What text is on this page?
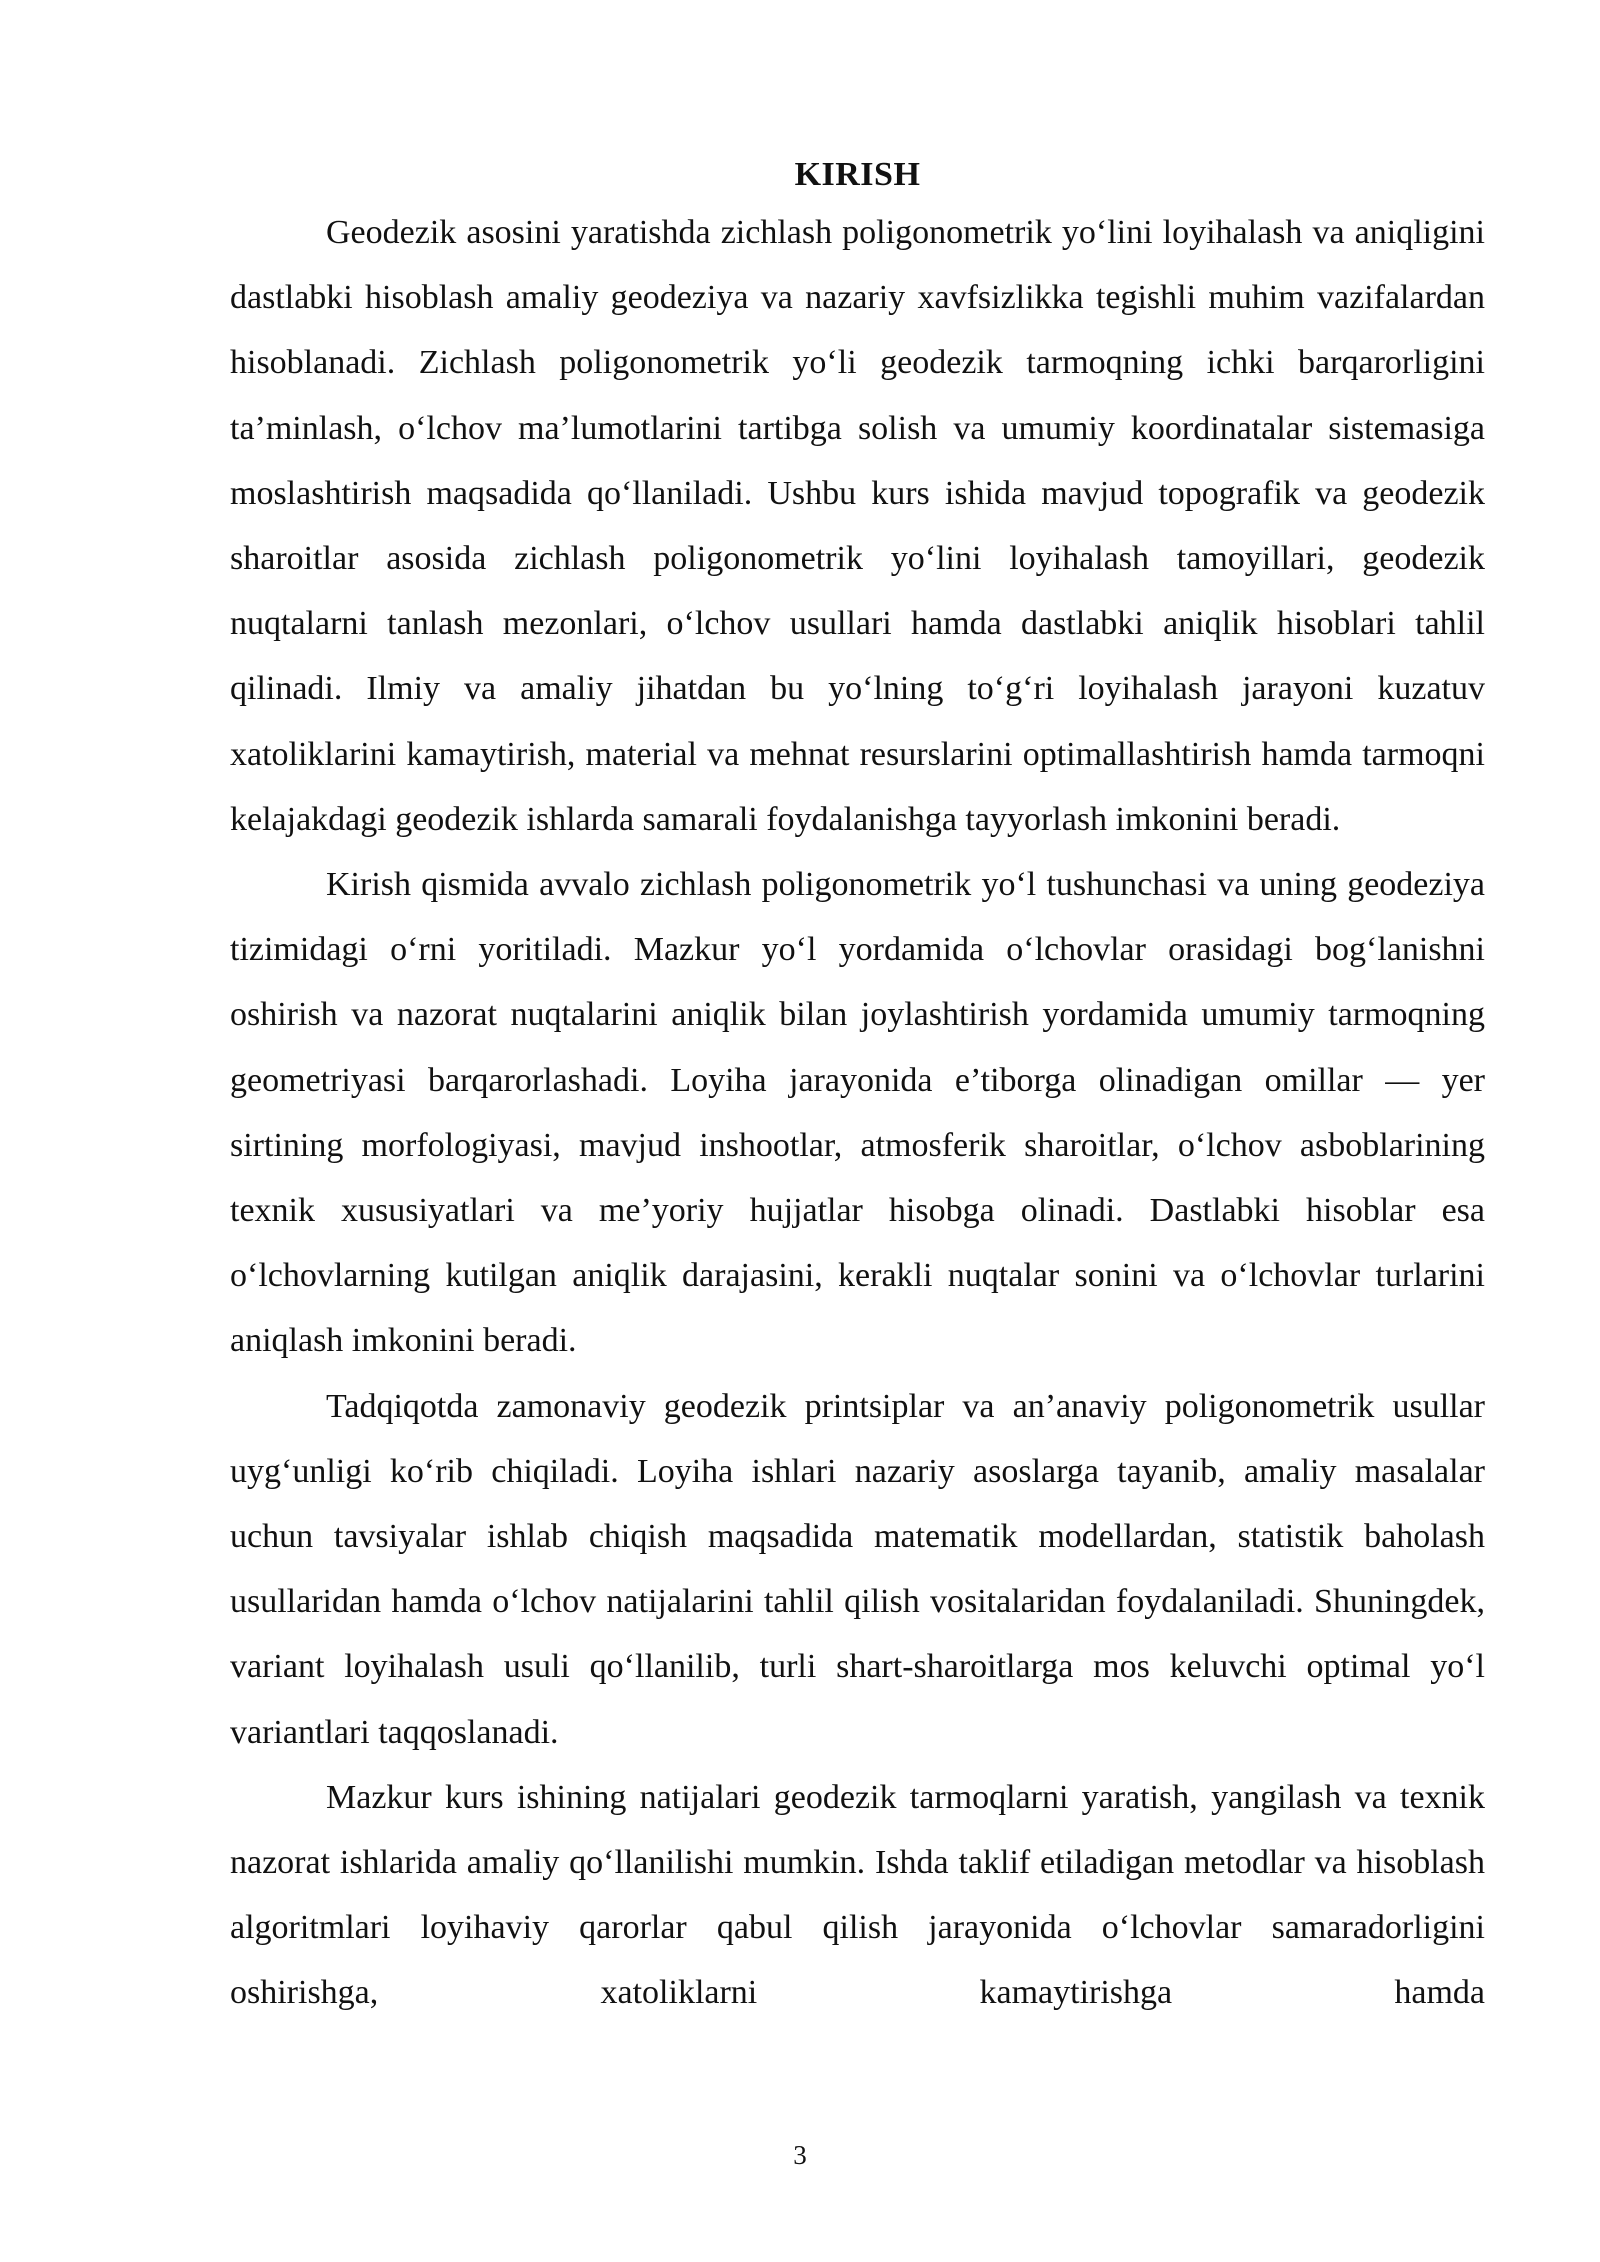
KIRISH

Geodezik asosini yaratishda zichlash poligonometrik yo‘lini loyihalash va aniqligini dastlabki hisoblash amaliy geodeziya va nazariy xavfsizlikka tegishli muhim vazifalardan hisoblanadi. Zichlash poligonometrik yo‘li geodezik tarmoqning ichki barqarorligini ta’minlash, o‘lchov ma’lumotlarini tartibga solish va umumiy koordinatalar sistemasiga moslashtirish maqsadida qo‘llaniladi. Ushbu kurs ishida mavjud topografik va geodezik sharoitlar asosida zichlash poligonometrik yo‘lini loyihalash tamoyillari, geodezik nuqtalarni tanlash mezonlari, o‘lchov usullari hamda dastlabki aniqlik hisoblari tahlil qilinadi. Ilmiy va amaliy jihatdan bu yo‘lning to‘g‘ri loyihalash jarayoni kuzatuv xatoliklarini kamaytirish, material va mehnat resurslarini optimallashtirish hamda tarmoqni kelajakdagi geodezik ishlarda samarali foydalanishga tayyorlash imkonini beradi.

Kirish qismida avvalo zichlash poligonometrik yo‘l tushunchasi va uning geodeziya tizimidagi o‘rni yoritiladi. Mazkur yo‘l yordamida o‘lchovlar orasidagi bog‘lanishni oshirish va nazorat nuqtalarini aniqlik bilan joylashtirish yordamida umumiy tarmoqning geometriyasi barqarorlashadi. Loyiha jarayonida e’tiborga olinadigan omillar — yer sirtining morfologiyasi, mavjud inshootlar, atmosferik sharoitlar, o‘lchov asboblarining texnik xususiyatlari va me’yoriy hujjatlar hisobga olinadi. Dastlabki hisoblar esa o‘lchovlarning kutilgan aniqlik darajasini, kerakli nuqtalar sonini va o‘lchovlar turlarini aniqlash imkonini beradi.

Tadqiqotda zamonaviy geodezik printsiplar va an’anaviy poligonometrik usullar uyg‘unligi ko‘rib chiqiladi. Loyiha ishlari nazariy asoslarga tayanib, amaliy masalalar uchun tavsiyalar ishlab chiqish maqsadida matematik modellardan, statistik baholash usullaridan hamda o‘lchov natijalarini tahlil qilish vositalaridan foydalaniladi. Shuningdek, variant loyihalash usuli qo‘llanilib, turli shart-sharoitlarga mos keluvchi optimal yo‘l variantlari taqqoslanadi.

Mazkur kurs ishining natijalari geodezik tarmoqlarni yaratish, yangilash va texnik nazorat ishlarida amaliy qo‘llanilishi mumkin. Ishda taklif etiladigan metodlar va hisoblash algoritmlari loyihaviy qarorlar qabul qilish jarayonida o‘lchovlar samaradorligini oshirishga, xatoliklarni kamaytirishga hamda

3
